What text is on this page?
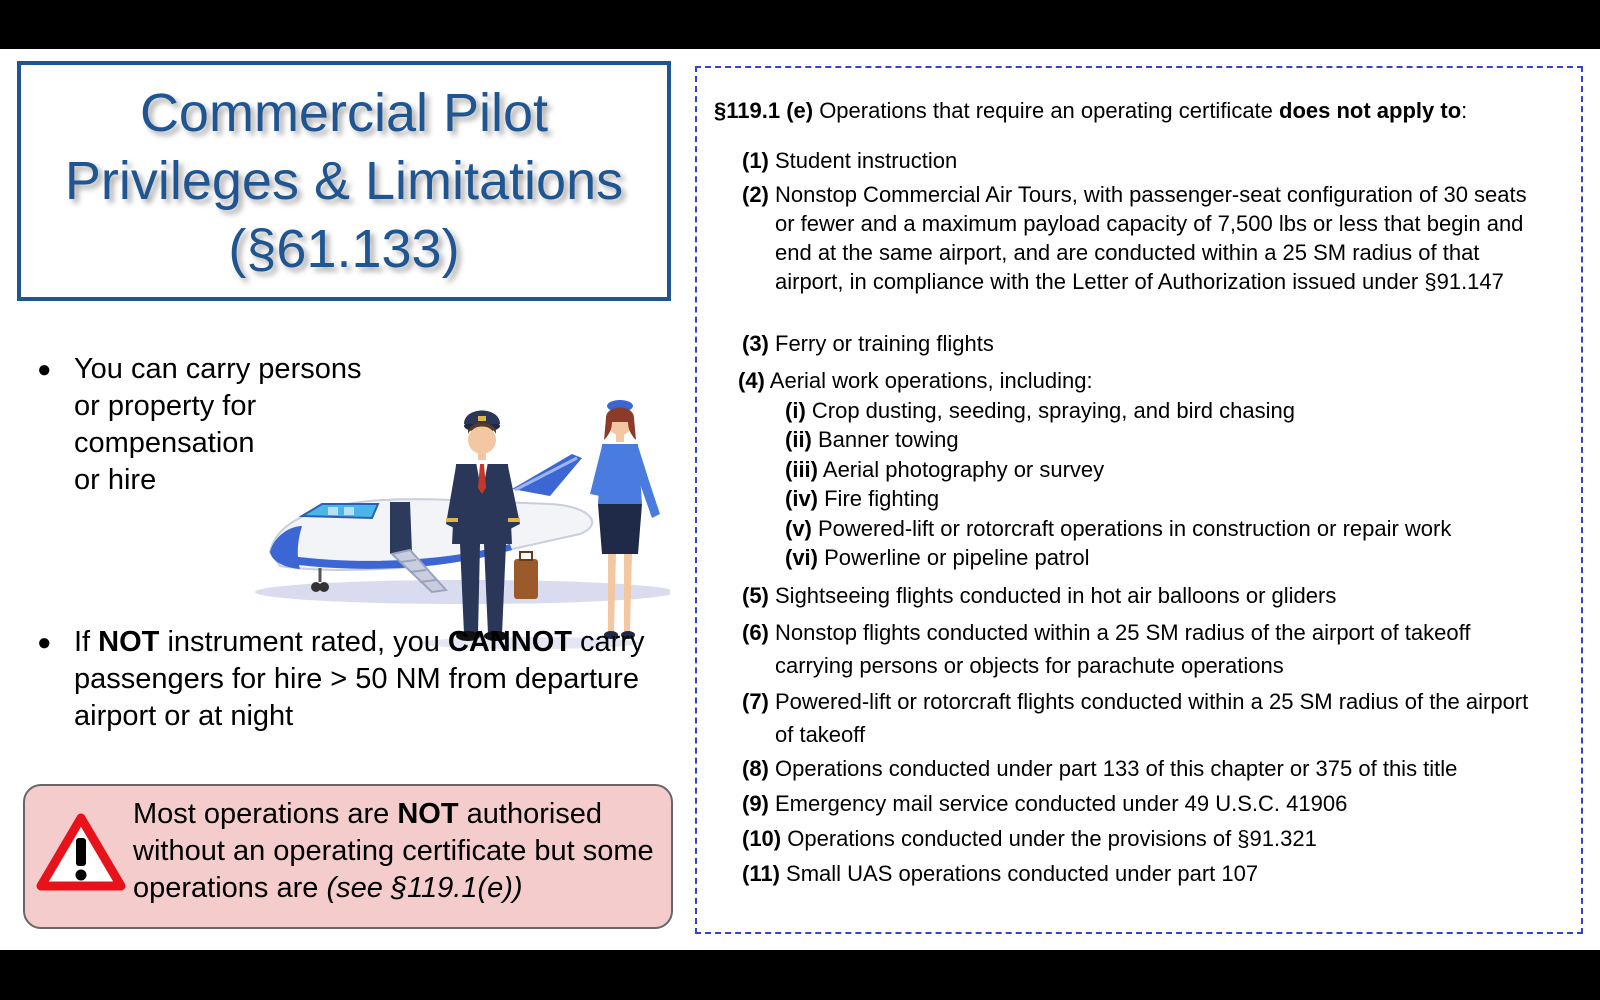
Commercial Pilot
Privileges & Limitations
(§61.133)
● You can carry persons
or property for
compensation
or hire
● If NOT instrument rated, you CANNOT carry passengers for hire > 50 NM from departure airport or at night
Most operations are NOT authorised without an operating certificate but some operations are (see §119.1(e))
§119.1 (e) Operations that require an operating certificate does not apply to:
(1) Student instruction
(2) Nonstop Commercial Air Tours, with passenger-seat configuration of 30 seats or fewer and a maximum payload capacity of 7,500 lbs or less that begin and end at the same airport, and are conducted within a 25 SM radius of that airport, in compliance with the Letter of Authorization issued under §91.147
(3) Ferry or training flights
(4) Aerial work operations, including:
(i) Crop dusting, seeding, spraying, and bird chasing
(ii) Banner towing
(iii) Aerial photography or survey
(iv) Fire fighting
(v) Powered-lift or rotorcraft operations in construction or repair work
(vi) Powerline or pipeline patrol
(5) Sightseeing flights conducted in hot air balloons or gliders
(6) Nonstop flights conducted within a 25 SM radius of the airport of takeoff carrying persons or objects for parachute operations
(7) Powered-lift or rotorcraft flights conducted within a 25 SM radius of the airport of takeoff
(8) Operations conducted under part 133 of this chapter or 375 of this title
(9) Emergency mail service conducted under 49 U.S.C. 41906
(10) Operations conducted under the provisions of §91.321
(11) Small UAS operations conducted under part 107
